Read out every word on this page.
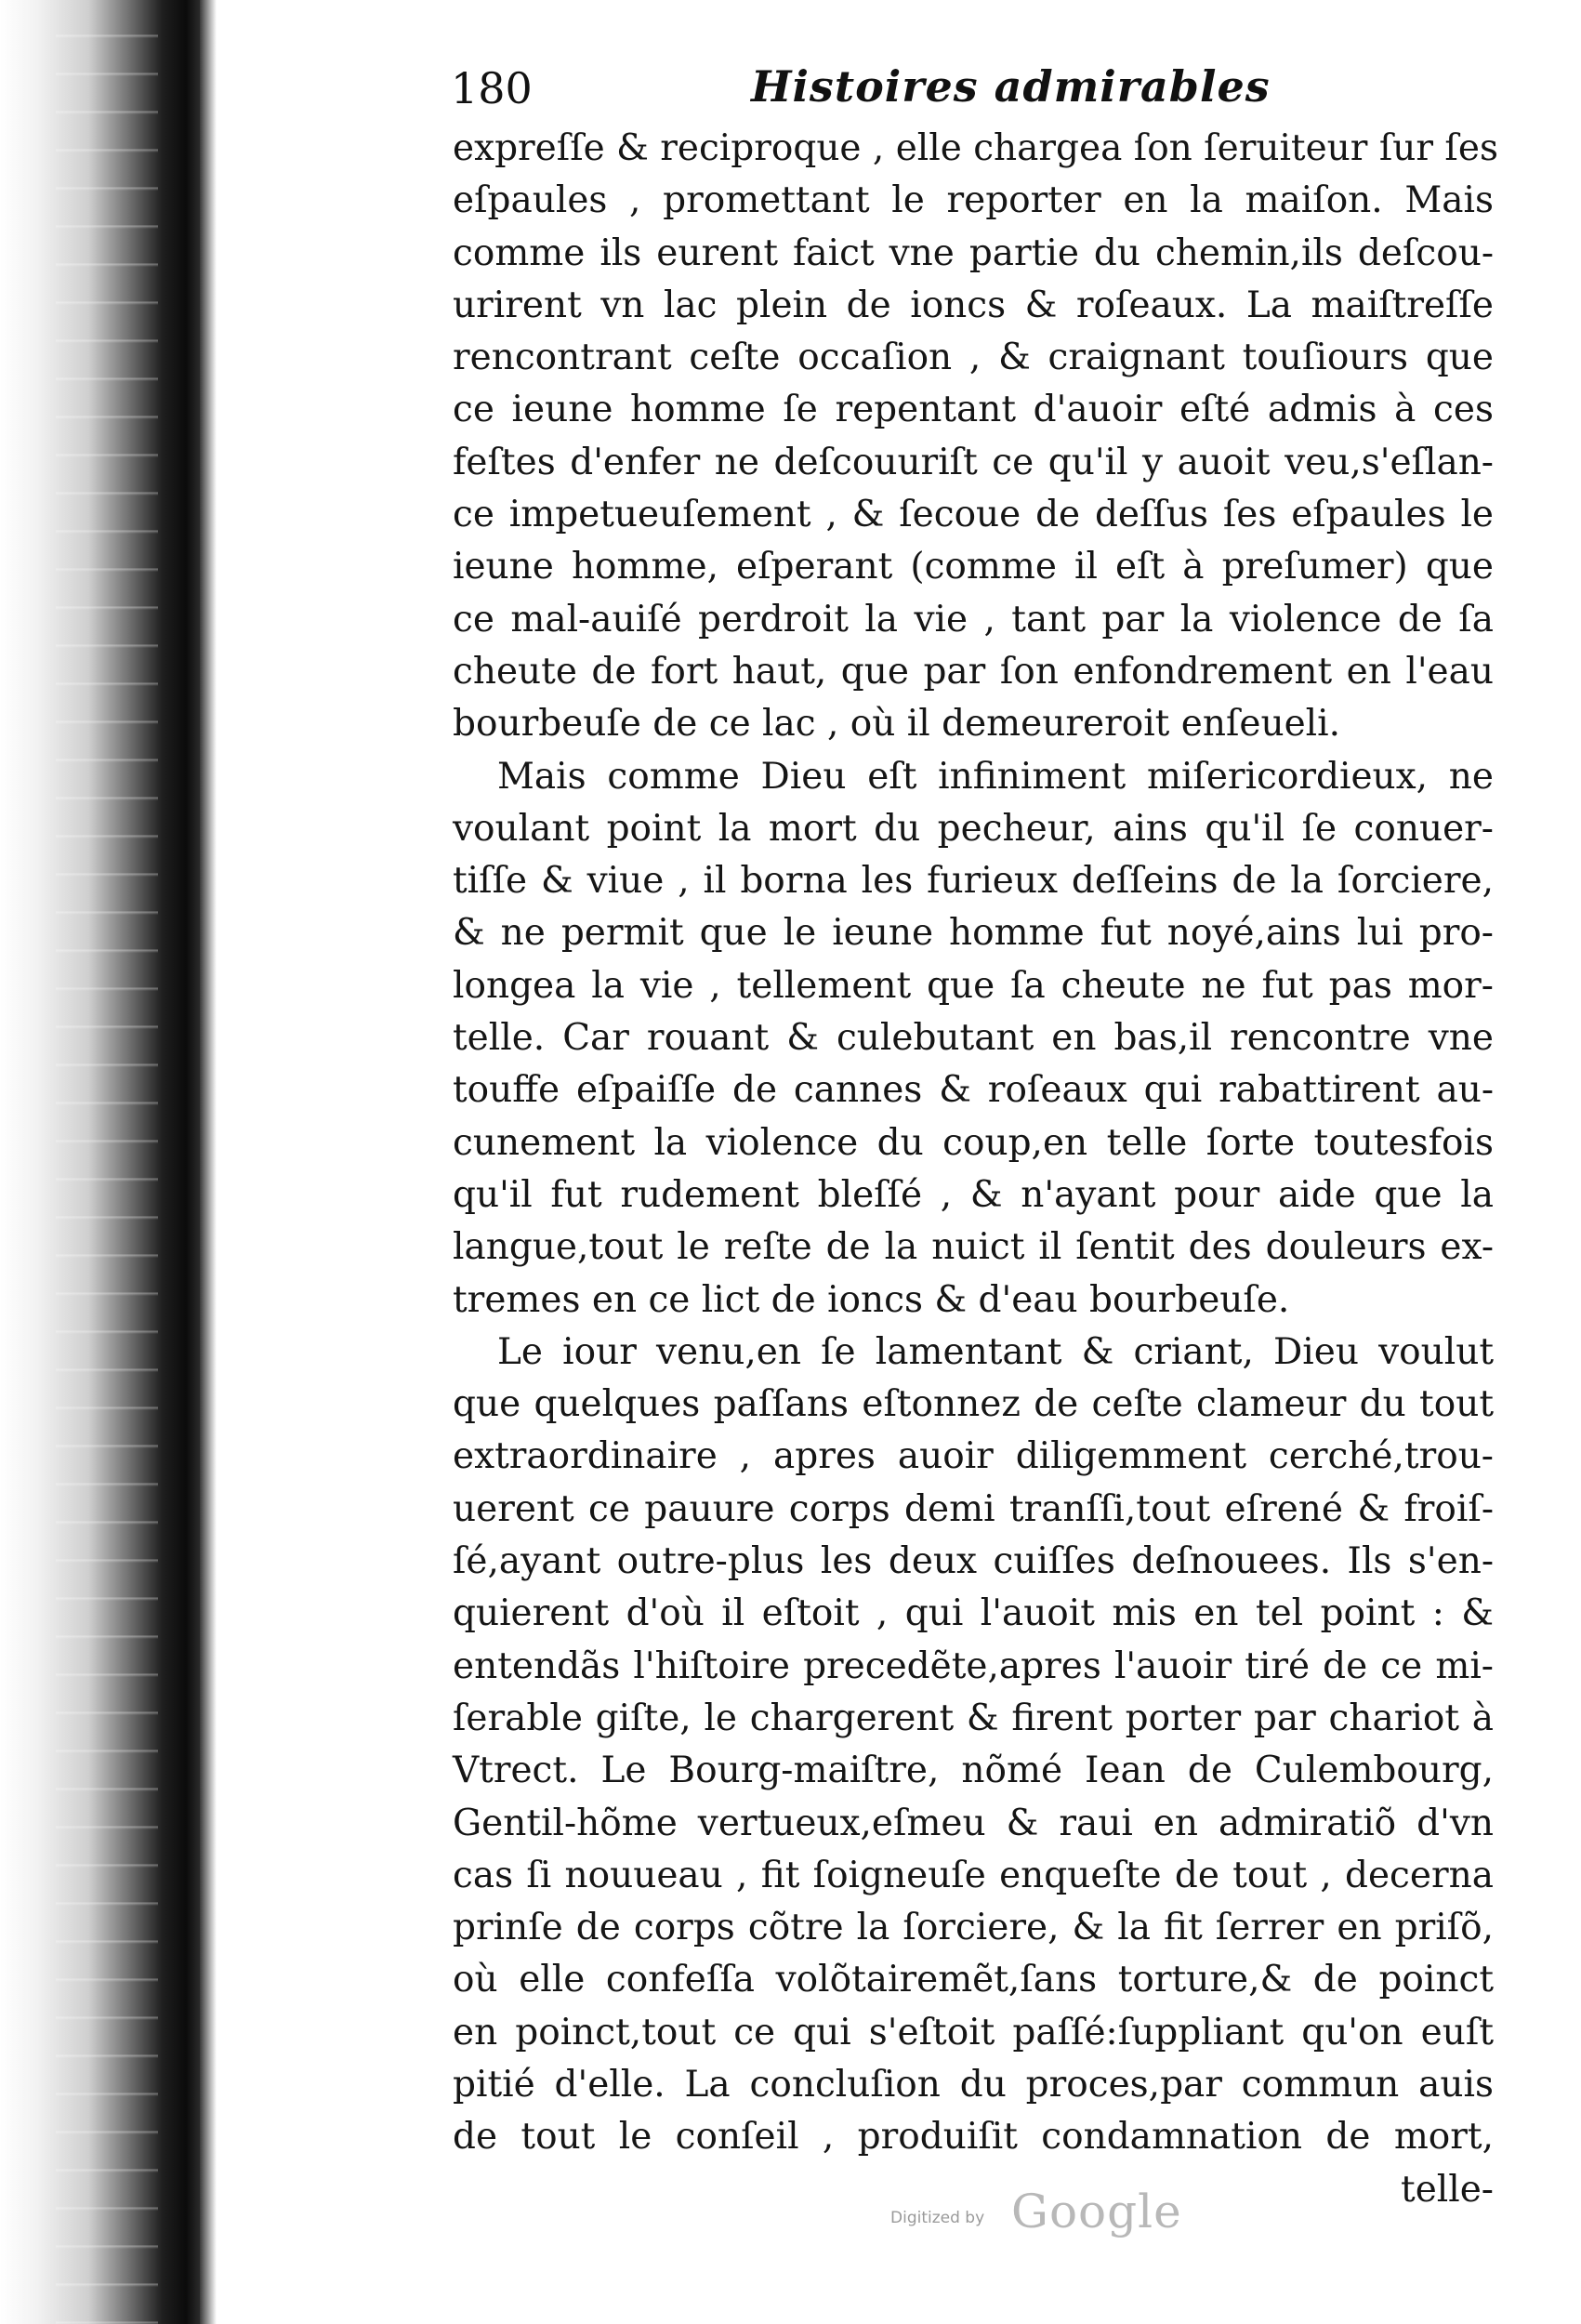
180	Histoires admirables
expreſſe & reciproque , elle chargea ſon ſeruiteur ſur ſes
eſpaules , promettant le reporter en la maiſon. Mais
comme ils eurent faict vne partie du chemin,ils deſcou-
urirent vn lac plein de ioncs & roſeaux. La maiſtreſſe
rencontrant ceſte occaſion , & craignant touſiours que
ce ieune homme ſe repentant d'auoir eſté admis à ces
feſtes d'enfer ne deſcouuriſt ce qu'il y auoit veu,s'eſlan-
ce impetueuſement , & ſecoue de deſſus ſes eſpaules le
ieune homme, eſperant (comme il eſt à preſumer) que
ce mal-auiſé perdroit la vie , tant par la violence de ſa
cheute de fort haut, que par ſon enfondrement en l'eau
bourbeuſe de ce lac , où il demeureroit enſeueli.
Mais comme Dieu eſt infiniment miſericordieux, ne
voulant point la mort du pecheur, ains qu'il ſe conuer-
tiſſe & viue , il borna les furieux deſſeins de la ſorciere,
& ne permit que le ieune homme fut noyé,ains lui pro-
longea la vie , tellement que ſa cheute ne fut pas mor-
telle. Car rouant & culebutant en bas,il rencontre vne
touffe eſpaiſſe de cannes & roſeaux qui rabattirent au-
cunement la violence du coup,en telle ſorte toutesfois
qu'il fut rudement bleſſé , & n'ayant pour aide que la
langue,tout le reſte de la nuict il ſentit des douleurs ex-
tremes en ce lict de ioncs & d'eau bourbeuſe.
Le iour venu,en ſe lamentant & criant, Dieu voulut
que quelques paſſans eſtonnez de ceſte clameur du tout
extraordinaire , apres auoir diligemment cerché,trou-
uerent ce pauure corps demi tranſſi,tout eſrené & froiſ-
ſé,ayant outre-plus les deux cuiſſes deſnouees. Ils s'en-
quierent d'où il eſtoit , qui l'auoit mis en tel point : &
entendãs l'hiſtoire precedẽte,apres l'auoir tiré de ce mi-
ſerable giſte, le chargerent & firent porter par chariot à
Vtrect. Le Bourg-maiſtre, nõmé Iean de Culembourg,
Gentil-hõme vertueux,eſmeu & raui en admiratiõ d'vn
cas ſi nouueau , fit ſoigneuſe enqueſte de tout , decerna
prinſe de corps cõtre la ſorciere, & la fit ſerrer en priſõ,
où elle confeſſa volõtairemẽt,ſans torture,& de poinct
en poinct,tout ce qui s'eſtoit paſſé:ſuppliant qu'on euſt
pitié d'elle. La concluſion du proces,par commun auis
de tout le conſeil , produiſit condamnation de mort,
telle-
Digitized by Google
